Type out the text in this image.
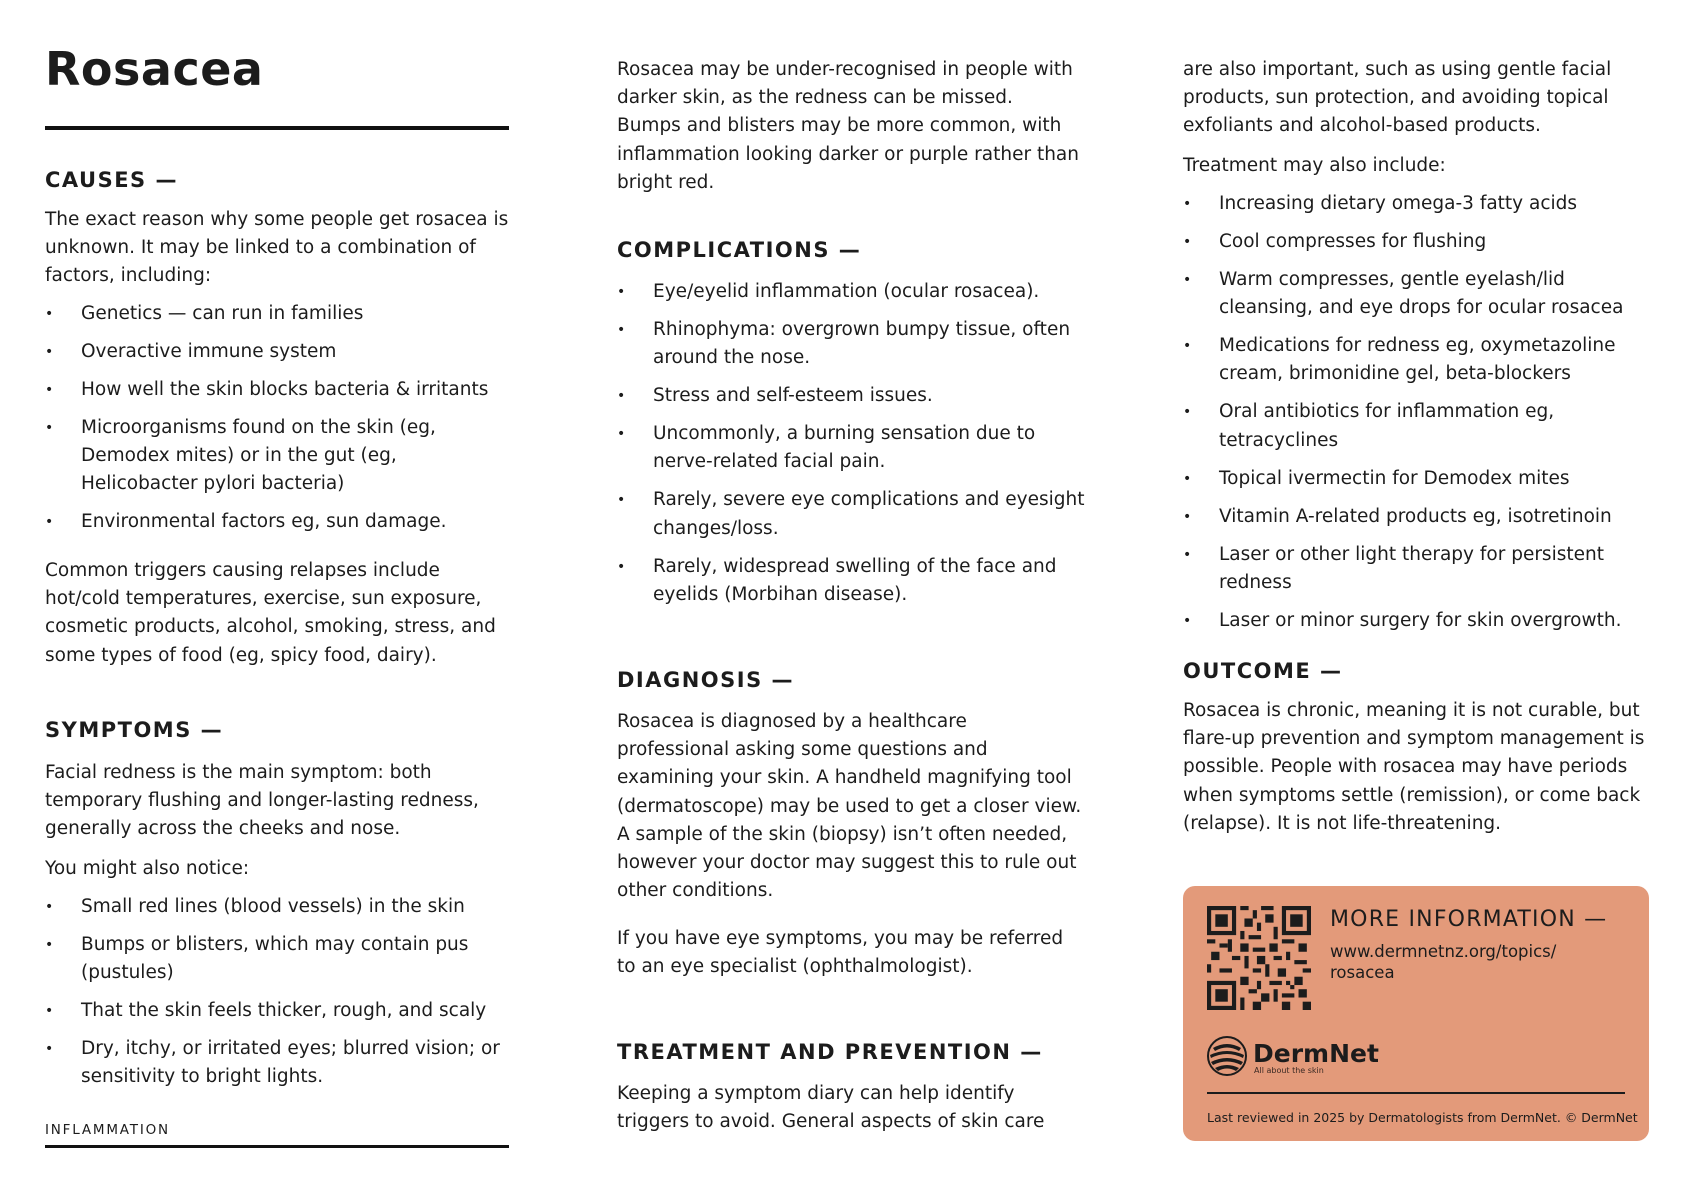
Rosacea
CAUSES —

The exact reason why some people get rosacea is unknown. It may be linked to a combination of factors, including:

• Genetics — can run in families
• Overactive immune system
• How well the skin blocks bacteria & irritants
• Microorganisms found on the skin (eg, Demodex mites) or in the gut (eg, Helicobacter pylori bacteria)
• Environmental factors eg, sun damage.

Common triggers causing relapses include hot/cold temperatures, exercise, sun exposure, cosmetic products, alcohol, smoking, stress, and some types of food (eg, spicy food, dairy).

SYMPTOMS —

Facial redness is the main symptom: both temporary flushing and longer-lasting redness, generally across the cheeks and nose.

You might also notice:

• Small red lines (blood vessels) in the skin
• Bumps or blisters, which may contain pus (pustules)
• That the skin feels thicker, rough, and scaly
• Dry, itchy, or irritated eyes; blurred vision; or sensitivity to bright lights.
INFLAMMATION

Rosacea may be under-recognised in people with darker skin, as the redness can be missed. Bumps and blisters may be more common, with inflammation looking darker or purple rather than bright red.

COMPLICATIONS —
• Eye/eyelid inflammation (ocular rosacea).
• Rhinophyma: overgrown bumpy tissue, often around the nose.
• Stress and self-esteem issues.
• Uncommonly, a burning sensation due to nerve-related facial pain.
• Rarely, severe eye complications and eyesight changes/loss.
• Rarely, widespread swelling of the face and eyelids (Morbihan disease).
DIAGNOSIS —

Rosacea is diagnosed by a healthcare professional asking some questions and examining your skin. A handheld magnifying tool (dermatoscope) may be used to get a closer view. A sample of the skin (biopsy) isn’t often needed, however your doctor may suggest this to rule out other conditions.

If you have eye symptoms, you may be referred to an eye specialist (ophthalmologist).

TREATMENT AND PREVENTION —

Keeping a symptom diary can help identify triggers to avoid. General aspects of skin care

are also important, such as using gentle facial products, sun protection, and avoiding topical exfoliants and alcohol-based products.

Treatment may also include:

• Increasing dietary omega-3 fatty acids
• Cool compresses for flushing
• Warm compresses, gentle eyelash/lid cleansing, and eye drops for ocular rosacea
• Medications for redness eg, oxymetazoline cream, brimonidine gel, beta-blockers
• Oral antibiotics for inflammation eg, tetracyclines
• Topical ivermectin for Demodex mites
• Vitamin A-related products eg, isotretinoin
• Laser or other light therapy for persistent redness
• Laser or minor surgery for skin overgrowth.
OUTCOME —

Rosacea is chronic, meaning it is not curable, but flare-up prevention and symptom management is possible. People with rosacea may have periods when symptoms settle (remission), or come back (relapse). It is not life-threatening.

MORE INFORMATION —
www.dermnetnz.org/topics/ rosacea
DermNet
All about the skin

Last reviewed in 2025 by Dermatologists from DermNet. © DermNet
